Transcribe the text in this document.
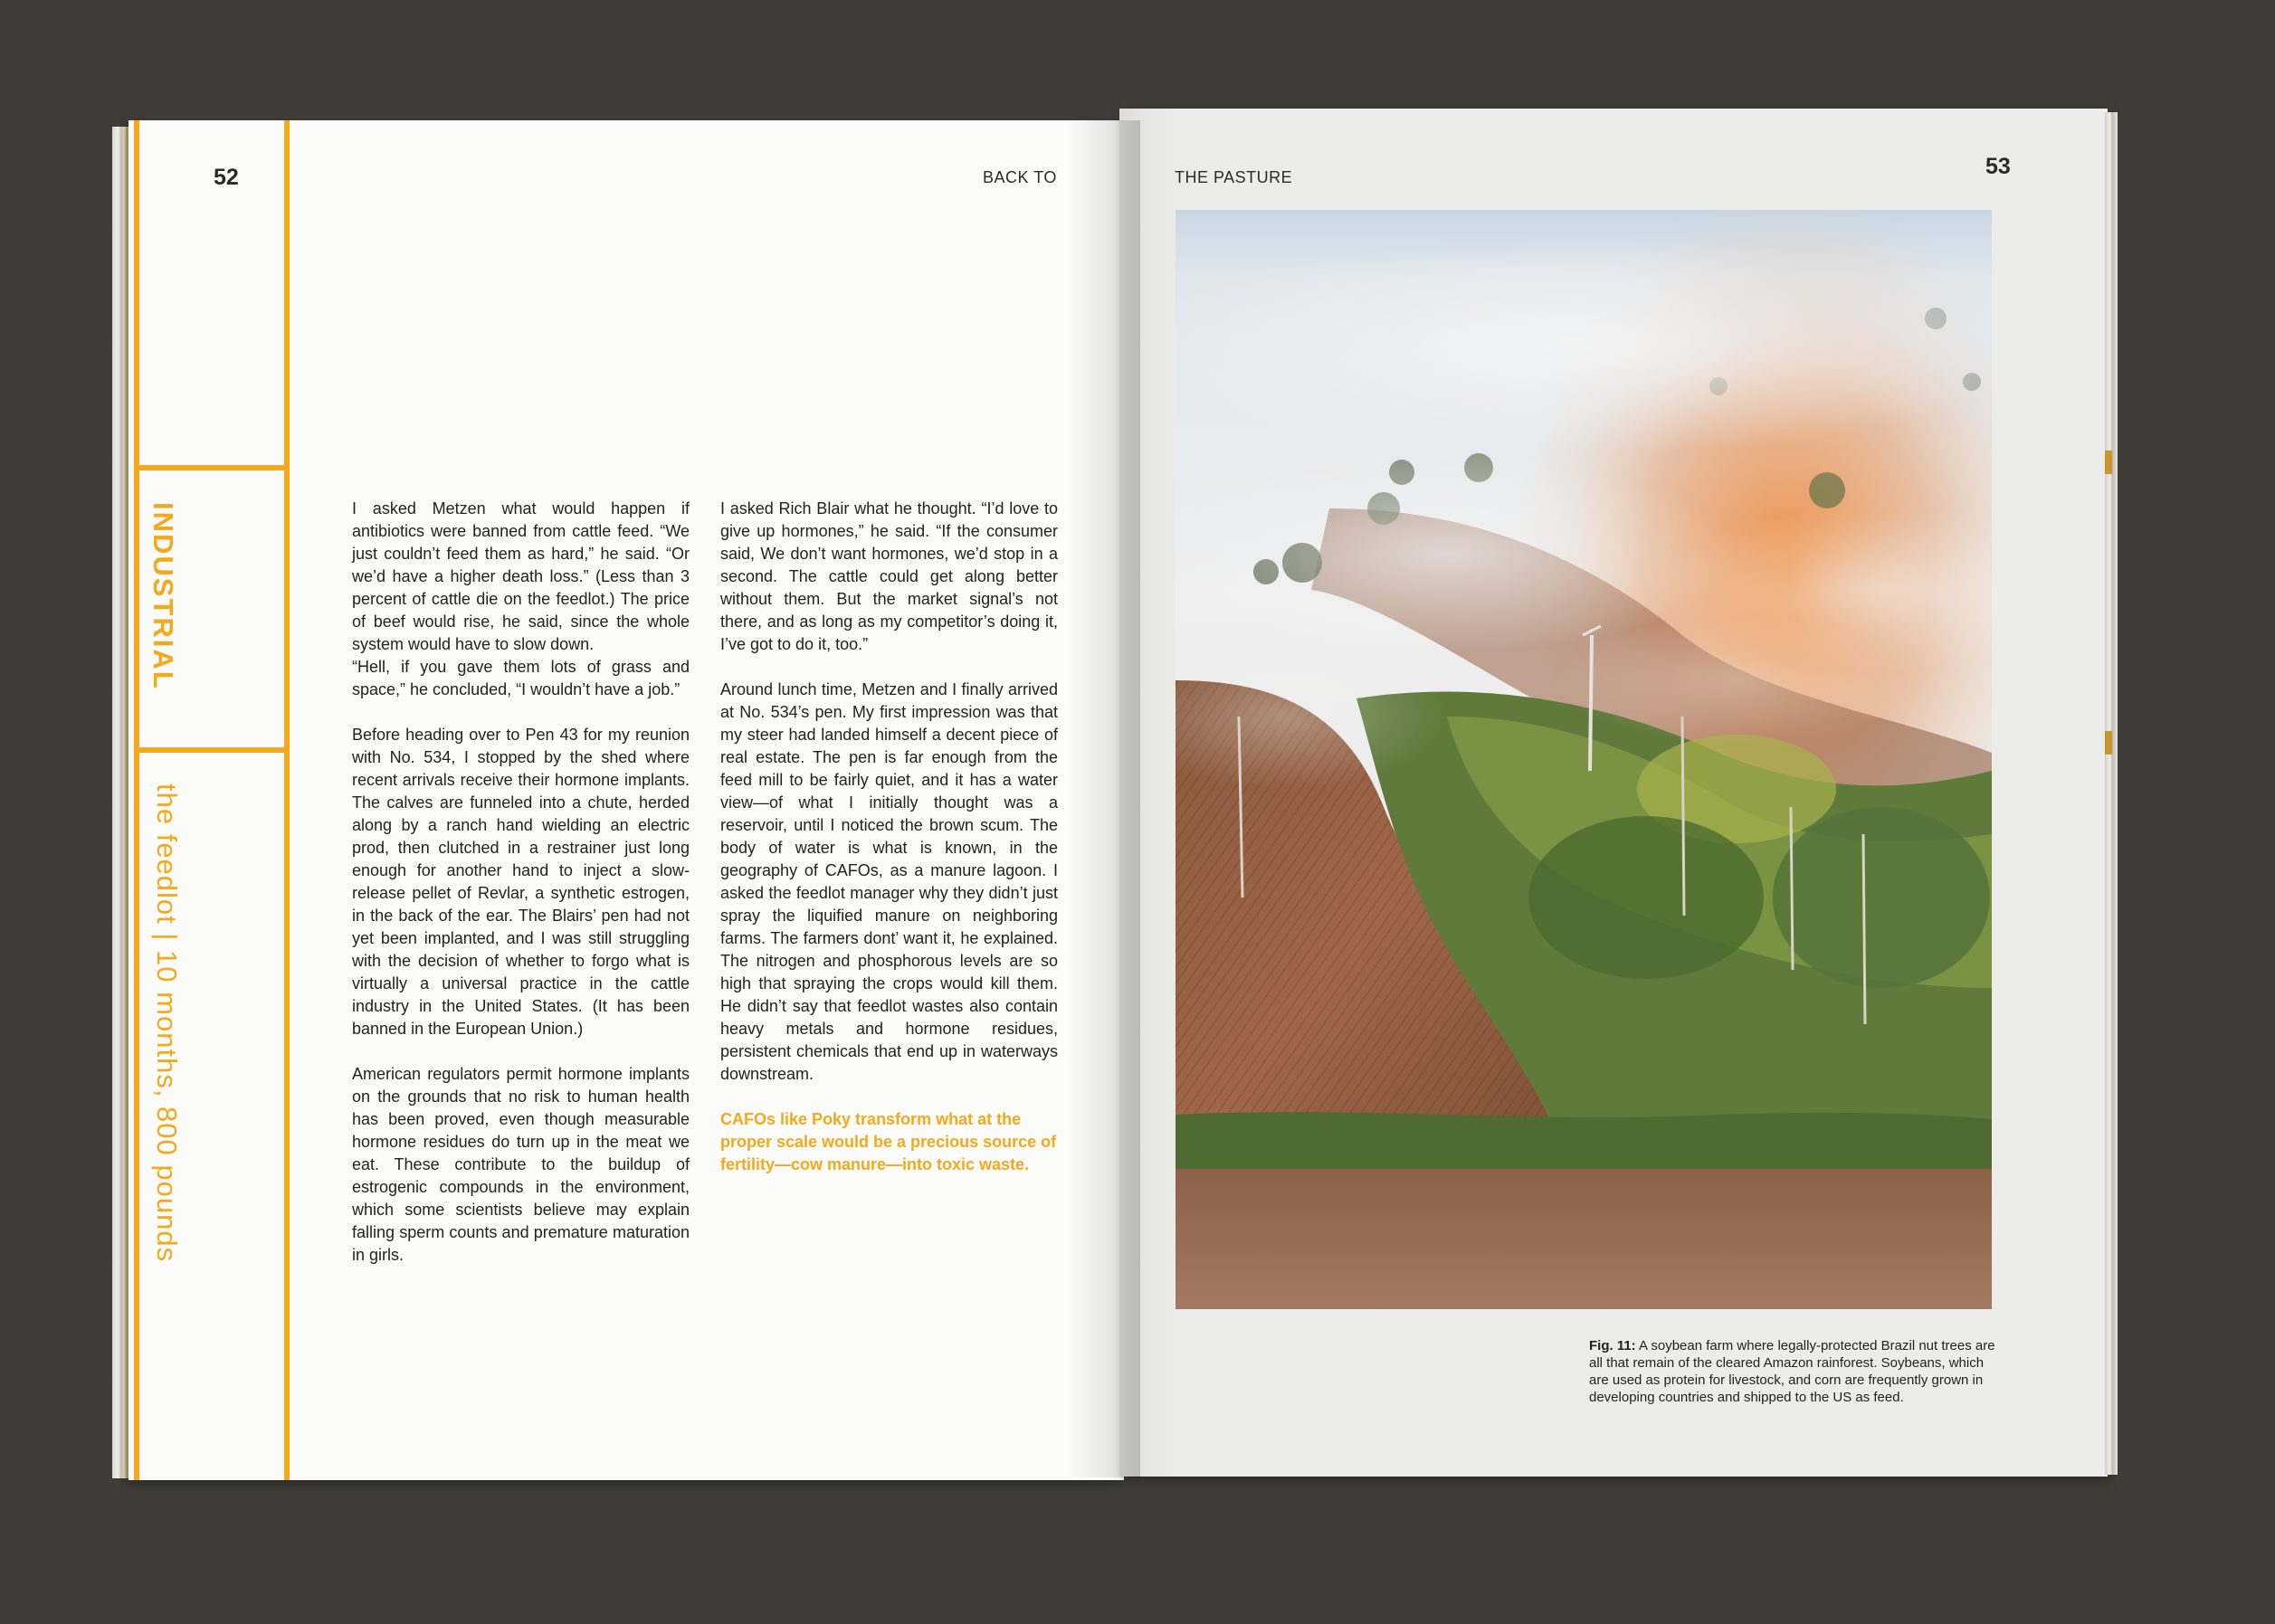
52	BACK TO
INDUSTRIAL
the feedlot | 10 months, 800 pounds

I asked Metzen what would happen if antibiotics were banned from cattle feed. “We just couldn’t feed them as hard,” he said. “Or we’d have a higher death loss.” (Less than 3 percent of cattle die on the feedlot.) The price of beef would rise, he said, since the whole system would have to slow down.

“Hell, if you gave them lots of grass and space,” he concluded, “I wouldn’t have a job.”

Before heading over to Pen 43 for my reunion with No. 534, I stopped by the shed where recent arrivals receive their hormone implants. The calves are funneled into a chute, herded along by a ranch hand wielding an electric prod, then clutched in a restrainer just long enough for another hand to inject a slow-release pellet of Revlar, a synthetic estrogen, in the back of the ear. The Blairs’ pen had not yet been implanted, and I was still struggling with the decision of whether to forgo what is virtually a universal practice in the cattle industry in the United States. (It has been banned in the European Union.)

American regulators permit hormone implants on the grounds that no risk to human health has been proved, even though measurable hormone residues do turn up in the meat we eat. These contribute to the buildup of estrogenic compounds in the environment, which some scientists believe may explain falling sperm counts and premature maturation in girls.

I asked Rich Blair what he thought. “I’d love to give up hormones,” he said. “If the consumer said, We don’t want hormones, we’d stop in a second. The cattle could get along better without them. But the market signal’s not there, and as long as my competitor’s doing it, I’ve got to do it, too.”

Around lunch time, Metzen and I finally arrived at No. 534’s pen. My first impression was that my steer had landed himself a decent piece of real estate. The pen is far enough from the feed mill to be fairly quiet, and it has a water view—of what I initially thought was a reservoir, until I noticed the brown scum. The body of water is what is known, in the geography of CAFOs, as a manure lagoon. I asked the feedlot manager why they didn’t just spray the liquified manure on neighboring farms. The farmers dont’ want it, he explained. The nitrogen and phosphorous levels are so high that spraying the crops would kill them. He didn’t say that feedlot wastes also contain heavy metals and hormone residues, persistent chemicals that end up in waterways downstream.

CAFOs like Poky transform what at the proper scale would be a precious source of fertility—cow manure—into toxic waste.

THE PASTURE	53
Fig. 11: A soybean farm where legally-protected Brazil nut trees are all that remain of the cleared Amazon rainforest. Soybeans, which are used as protein for livestock, and corn are frequently grown in developing countries and shipped to the US as feed.
